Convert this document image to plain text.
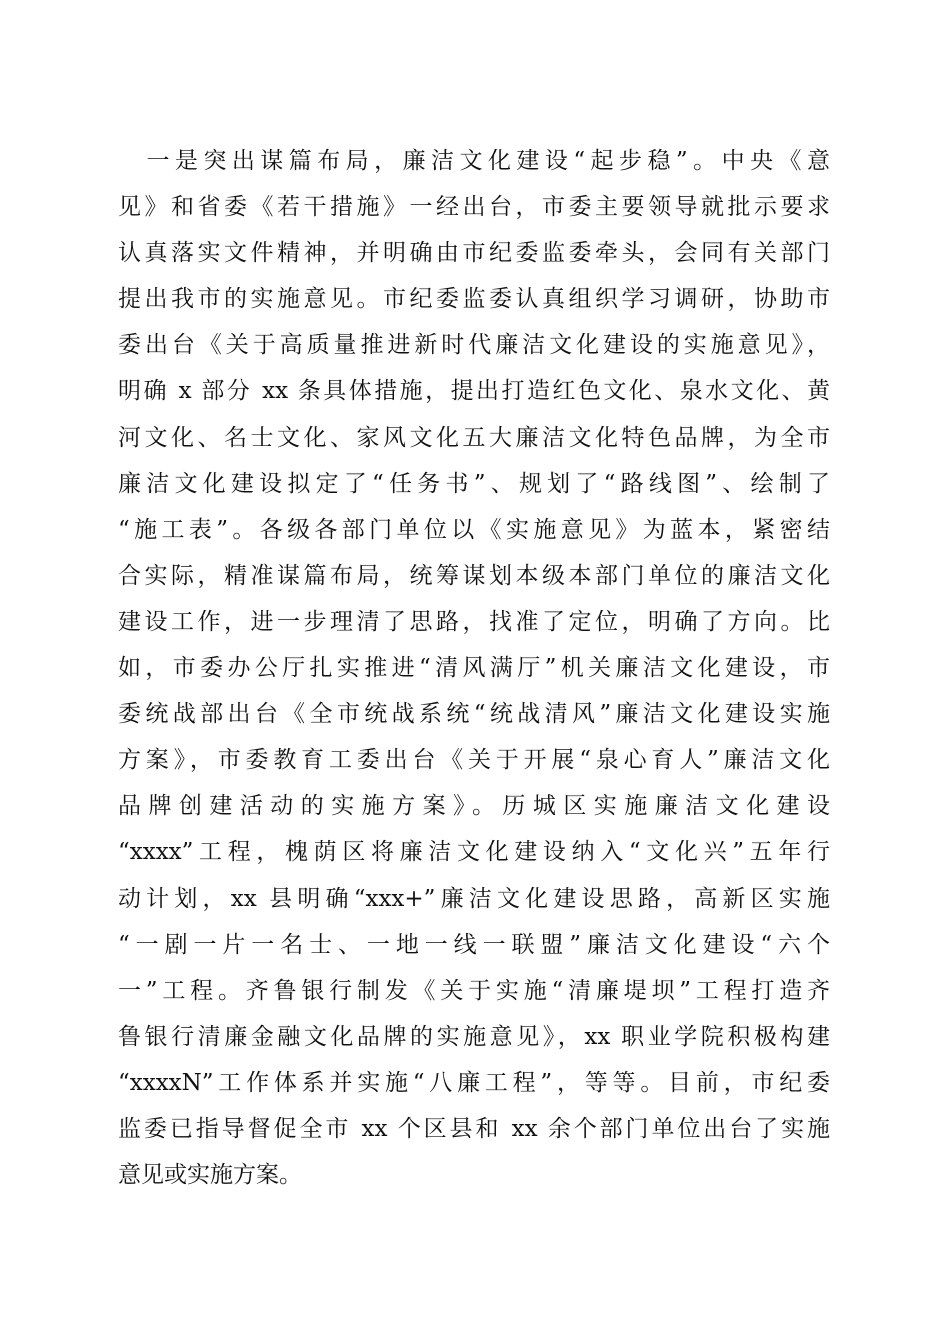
　一是突出谋篇布局，廉洁文化建设“起步稳”。中央《意
见》和省委《若干措施》一经出台，市委主要领导就批示要求
认真落实文件精神，并明确由市纪委监委牵头，会同有关部门
提出我市的实施意见。市纪委监委认真组织学习调研，协助市
委出台《关于高质量推进新时代廉洁文化建设的实施意见》，
明确 x 部分 xx 条具体措施，提出打造红色文化、泉水文化、黄
河文化、名士文化、家风文化五大廉洁文化特色品牌，为全市
廉洁文化建设拟定了“任务书”、规划了“路线图”、绘制了
“施工表”。各级各部门单位以《实施意见》为蓝本，紧密结
合实际，精准谋篇布局，统筹谋划本级本部门单位的廉洁文化
建设工作，进一步理清了思路，找准了定位，明确了方向。比
如，市委办公厅扎实推进“清风满厅”机关廉洁文化建设，市
委统战部出台《全市统战系统“统战清风”廉洁文化建设实施
方案》，市委教育工委出台《关于开展“泉心育人”廉洁文化
品牌创建活动的实施方案》。历城区实施廉洁文化建设
“xxxx”工程，槐荫区将廉洁文化建设纳入“文化兴”五年行
动计划，xx 县明确“xxx+”廉洁文化建设思路，高新区实施
“一剧一片一名士、一地一线一联盟”廉洁文化建设“六个
一”工程。齐鲁银行制发《关于实施“清廉堤坝”工程打造齐
鲁银行清廉金融文化品牌的实施意见》，xx 职业学院积极构建
“xxxxN”工作体系并实施“八廉工程”，等等。目前，市纪委
监委已指导督促全市 xx 个区县和 xx 余个部门单位出台了实施
意见或实施方案。
